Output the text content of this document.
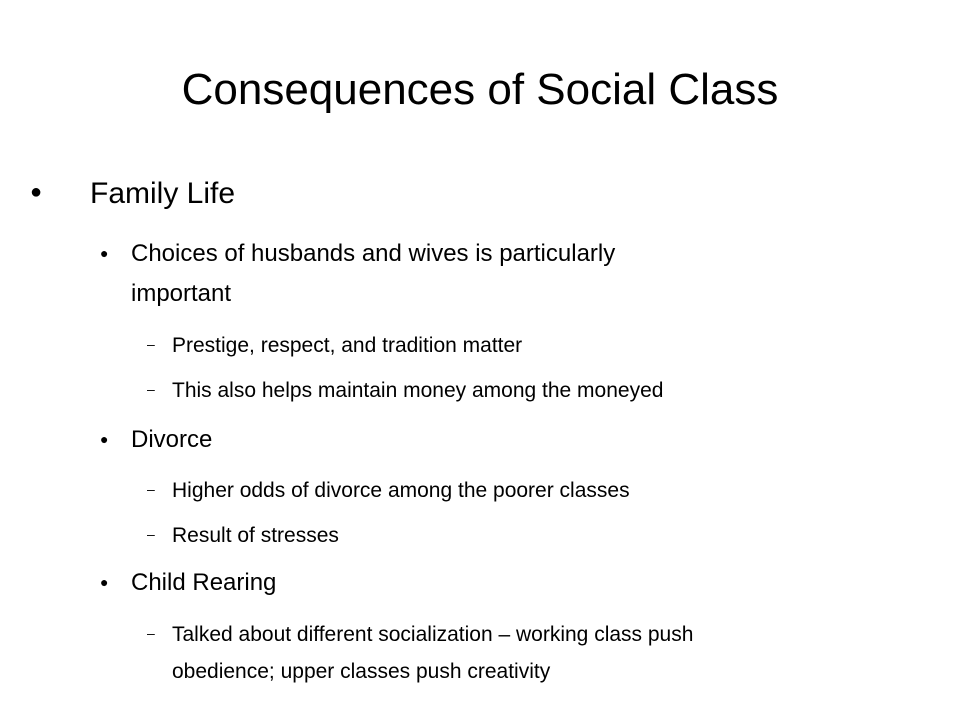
Consequences of Social Class
● Family Life
● Choices of husbands and wives is particularly
important
– Prestige, respect, and tradition matter
– This also helps maintain money among the moneyed
● Divorce
– Higher odds of divorce among the poorer classes
– Result of stresses
● Child Rearing
– Talked about different socialization – working class push
obedience; upper classes push creativity
